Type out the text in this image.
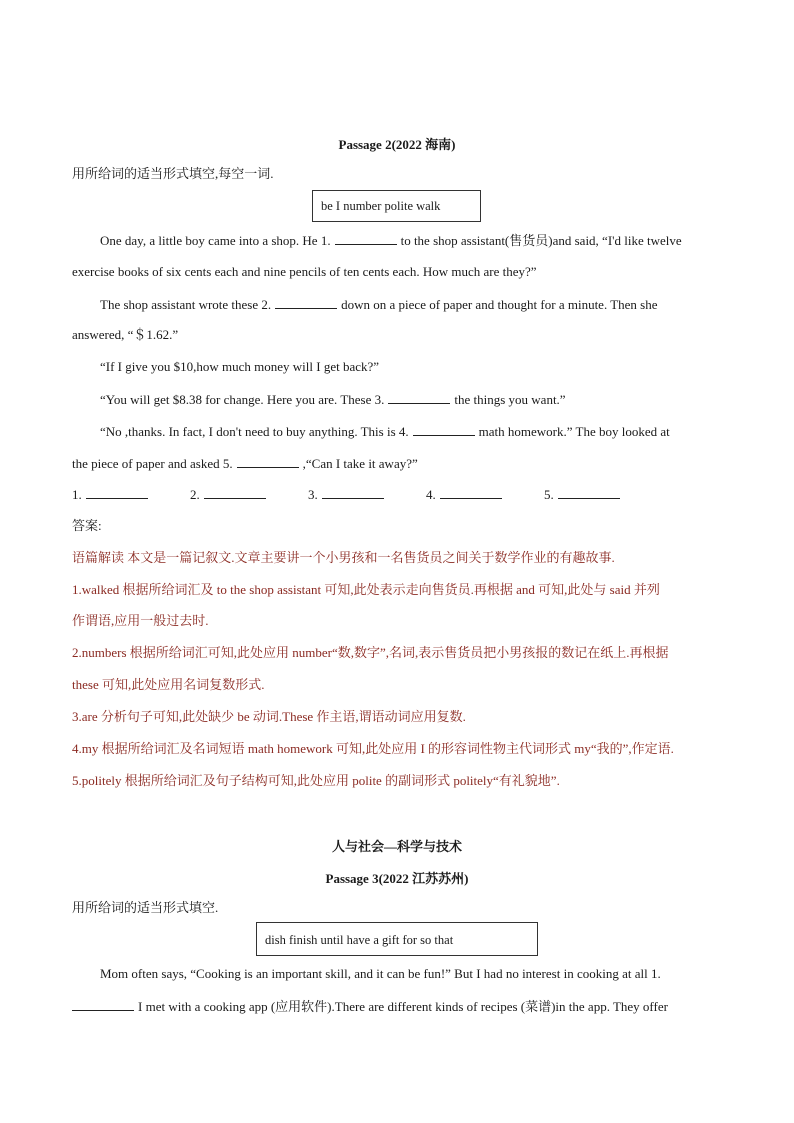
Passage 2(2022 海南)
用所给词的适当形式填空,每空一词.
be I number polite walk
One day, a little boy came into a shop. He 1.	to the shop assistant(售货员)and said, “I'd like twelve
exercise books of six cents each and nine pencils of ten cents each. How much are they?”
The shop assistant wrote these 2.	down on a piece of paper and thought for a minute. Then she
answered, “＄1.62.”
“If I give you $10,how much money will I get back?”
“You will get $8.38 for change. Here you are. These 3.	the things you want.”
“No ,thanks. In fact, I don't need to buy anything. This is 4.	math homework.” The boy looked at
the piece of paper and asked 5.	,“Can I take it away?”
1.	2.	3.	4.	5.
答案:
语篇解读 本文是一篇记叙文.文章主要讲一个小男孩和一名售货员之间关于数学作业的有趣故事.
1.walked 根据所给词汇及 to the shop assistant 可知,此处表示走向售货员.再根据 and 可知,此处与 said 并列
作谓语,应用一般过去时.
2.numbers 根据所给词汇可知,此处应用 number“数,数字”,名词,表示售货员把小男孩报的数记在纸上.再根据
these 可知,此处应用名词复数形式.
3.are 分析句子可知,此处缺少 be 动词.These 作主语,谓语动词应用复数.
4.my 根据所给词汇及名词短语 math homework 可知,此处应用 I 的形容词性物主代词形式 my“我的”,作定语.
5.politely 根据所给词汇及句子结构可知,此处应用 polite 的副词形式 politely“有礼貌地”.
人与社会—科学与技术
Passage 3(2022 江苏苏州)
用所给词的适当形式填空.
dish finish until have a gift for so that
Mom often says, “Cooking is an important skill, and it can be fun!” But I had no interest in cooking at all 1.
I met with a cooking app (应用软件).There are different kinds of recipes (菜谱)in the app. They offer
